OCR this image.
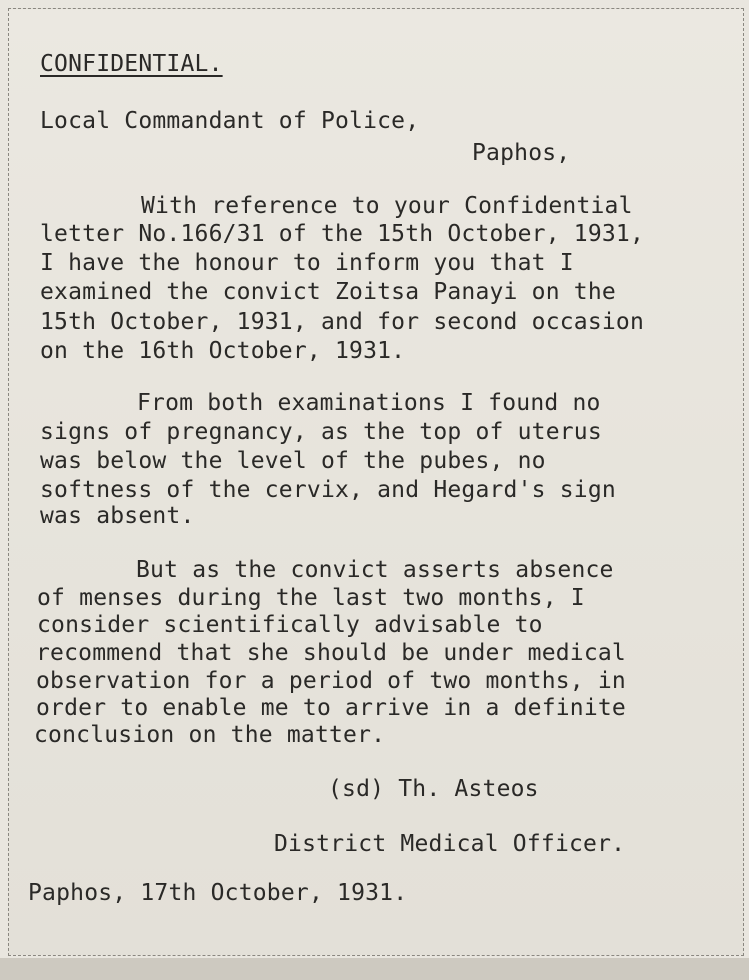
CONFIDENTIAL.
Local Commandant of Police,
Paphos,
With reference to your Confidential
letter No.166/31 of the 15th October, 1931,
I have the honour to inform you that I
examined the convict Zoitsa Panayi on the
15th October, 1931, and for second occasion
on the 16th October, 1931.
From both examinations I found no
signs of pregnancy, as the top of uterus
was below the level of the pubes, no
softness of the cervix, and Hegard's sign
was absent.
But as the convict asserts absence
of menses during the last two months, I
consider scientifically advisable to
recommend that she should be under medical
observation for a period of two months, in
order to enable me to arrive in a definite
conclusion on the matter.
(sd) Th. Asteos
District Medical Officer.
Paphos, 17th October, 1931.
